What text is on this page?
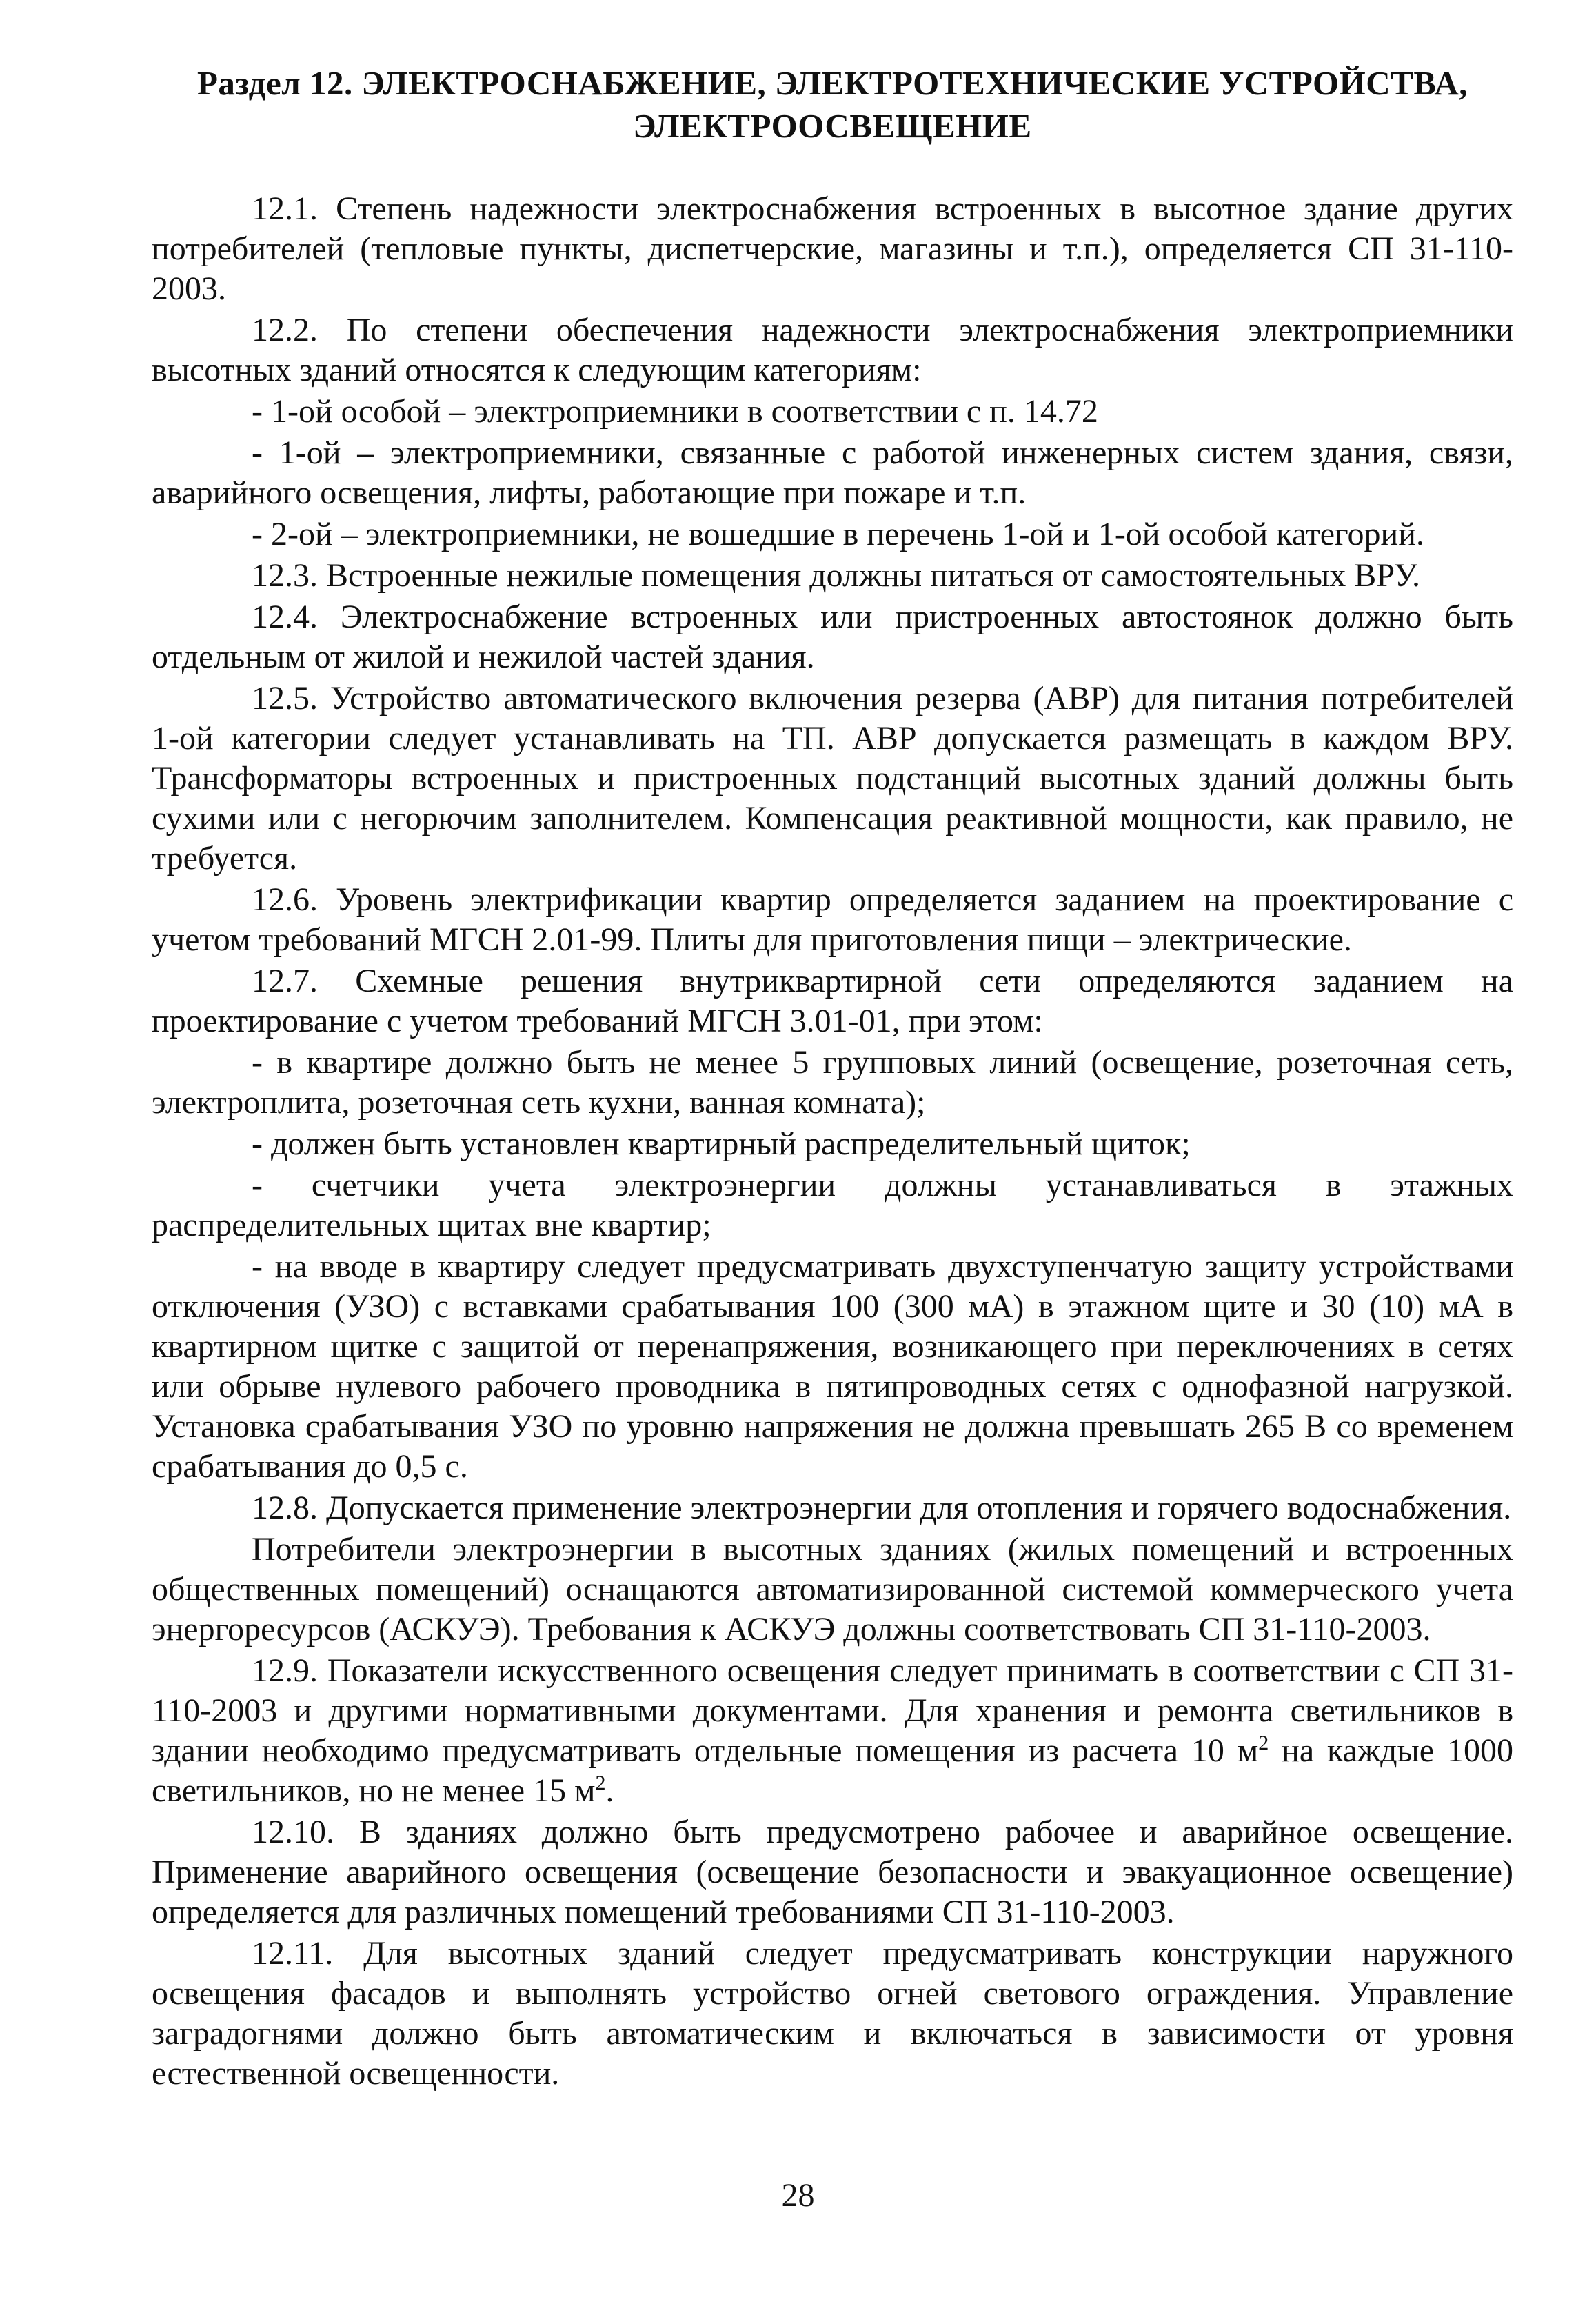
Раздел 12. ЭЛЕКТРОСНАБЖЕНИЕ, ЭЛЕКТРОТЕХНИЧЕСКИЕ УСТРОЙСТВА,
ЭЛЕКТРООСВЕЩЕНИЕ

12.1. Степень надежности электроснабжения встроенных в высотное здание других потребителей (тепловые пункты, диспетчерские, магазины и т.п.), определяется СП 31-110-2003.

12.2. По степени обеспечения надежности электроснабжения электроприемники высотных зданий относятся к следующим категориям:

- 1-ой особой – электроприемники в соответствии с п. 14.72

- 1-ой – электроприемники, связанные с работой инженерных систем здания, связи, аварийного освещения, лифты, работающие при пожаре и т.п.

- 2-ой – электроприемники, не вошедшие в перечень 1-ой и 1-ой особой категорий.

12.3. Встроенные нежилые помещения должны питаться от самостоятельных ВРУ.

12.4. Электроснабжение встроенных или пристроенных автостоянок должно быть отдельным от жилой и нежилой частей здания.

12.5. Устройство автоматического включения резерва (АВР) для питания потребителей 1-ой категории следует устанавливать на ТП. АВР допускается размещать в каждом ВРУ. Трансформаторы встроенных и пристроенных подстанций высотных зданий должны быть сухими или с негорючим заполнителем. Компенсация реактивной мощности, как правило, не требуется.

12.6. Уровень электрификации квартир определяется заданием на проектирование с учетом требований МГСН 2.01-99. Плиты для приготовления пищи – электрические.

12.7. Схемные решения внутриквартирной сети определяются заданием на проектирование с учетом требований МГСН 3.01-01, при этом:

- в квартире должно быть не менее 5 групповых линий (освещение, розеточная сеть, электроплита, розеточная сеть кухни, ванная комната);

- должен быть установлен квартирный распределительный щиток;

- счетчики учета электроэнергии должны устанавливаться в этажных распределительных щитах вне квартир;

- на вводе в квартиру следует предусматривать двухступенчатую защиту устройствами отключения (УЗО) с вставками срабатывания 100 (300 мА) в этажном щите и 30 (10) мА в квартирном щитке с защитой от перенапряжения, возникающего при переключениях в сетях или обрыве нулевого рабочего проводника в пятипроводных сетях с однофазной нагрузкой. Установка срабатывания УЗО по уровню напряжения не должна превышать 265 В со временем срабатывания до 0,5 с.

12.8. Допускается применение электроэнергии для отопления и горячего водоснабжения.

Потребители электроэнергии в высотных зданиях (жилых помещений и встроенных общественных помещений) оснащаются автоматизированной системой коммерческого учета энергоресурсов (АСКУЭ). Требования к АСКУЭ должны соответствовать СП 31-110-2003.

12.9. Показатели искусственного освещения следует принимать в соответствии с СП 31-110-2003 и другими нормативными документами. Для хранения и ремонта светильников в здании необходимо предусматривать отдельные помещения из расчета 10 $м^2$ на каждые 1000 светильников, но не менее 15 $м^2$.

12.10. В зданиях должно быть предусмотрено рабочее и аварийное освещение. Применение аварийного освещения (освещение безопасности и эвакуационное освещение) определяется для различных помещений требованиями СП 31-110-2003.

12.11. Для высотных зданий следует предусматривать конструкции наружного освещения фасадов и выполнять устройство огней светового ограждения. Управление заградогнями должно быть автоматическим и включаться в зависимости от уровня естественной освещенности.

28
